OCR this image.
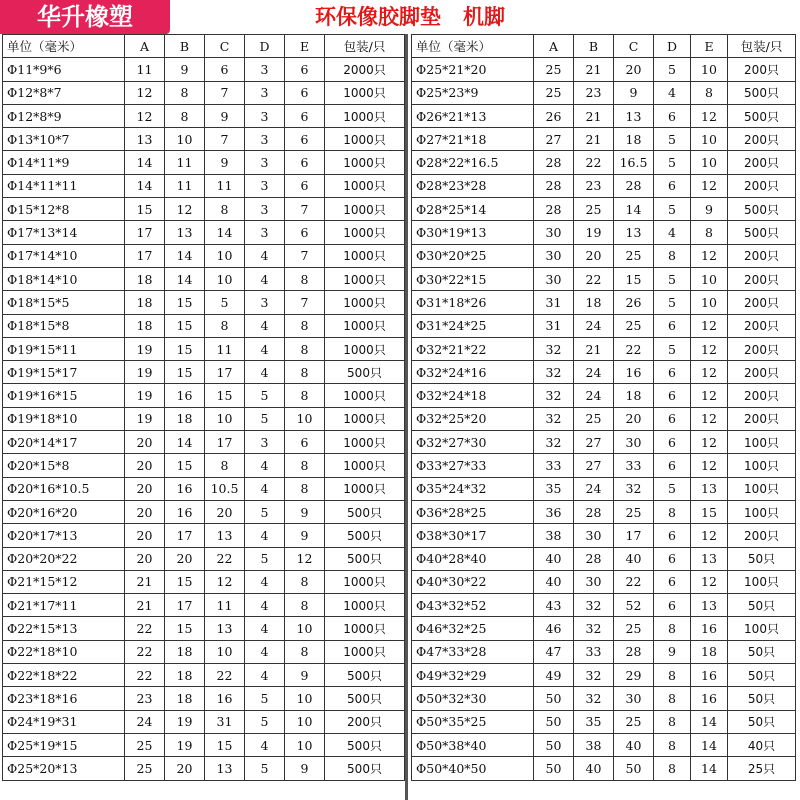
华升橡塑	环保像胶脚垫   机脚
单位（毫米）	A	B	C	D	E	包装/只
Φ11*9*6	11	9	6	3	6	2000只
Φ12*8*7	12	8	7	3	6	1000只
Φ12*8*9	12	8	9	3	6	1000只
Φ13*10*7	13	10	7	3	6	1000只
Φ14*11*9	14	11	9	3	6	1000只
Φ14*11*11	14	11	11	3	6	1000只
Φ15*12*8	15	12	8	3	7	1000只
Φ17*13*14	17	13	14	3	6	1000只
Φ17*14*10	17	14	10	4	7	1000只
Φ18*14*10	18	14	10	4	8	1000只
Φ18*15*5	18	15	5	3	7	1000只
Φ18*15*8	18	15	8	4	8	1000只
Φ19*15*11	19	15	11	4	8	1000只
Φ19*15*17	19	15	17	4	8	500只
Φ19*16*15	19	16	15	5	8	1000只
Φ19*18*10	19	18	10	5	10	1000只
Φ20*14*17	20	14	17	3	6	1000只
Φ20*15*8	20	15	8	4	8	1000只
Φ20*16*10.5	20	16	10.5	4	8	1000只
Φ20*16*20	20	16	20	5	9	500只
Φ20*17*13	20	17	13	4	9	500只
Φ20*20*22	20	20	22	5	12	500只
Φ21*15*12	21	15	12	4	8	1000只
Φ21*17*11	21	17	11	4	8	1000只
Φ22*15*13	22	15	13	4	10	1000只
Φ22*18*10	22	18	10	4	8	1000只
Φ22*18*22	22	18	22	4	9	500只
Φ23*18*16	23	18	16	5	10	500只
Φ24*19*31	24	19	31	5	10	200只
Φ25*19*15	25	19	15	4	10	500只
Φ25*20*13	25	20	13	5	9	500只
单位（毫米）	A	B	C	D	E	包装/只
Φ25*21*20	25	21	20	5	10	200只
Φ25*23*9	25	23	9	4	8	500只
Φ26*21*13	26	21	13	6	12	500只
Φ27*21*18	27	21	18	5	10	200只
Φ28*22*16.5	28	22	16.5	5	10	200只
Φ28*23*28	28	23	28	6	12	200只
Φ28*25*14	28	25	14	5	9	500只
Φ30*19*13	30	19	13	4	8	500只
Φ30*20*25	30	20	25	8	12	200只
Φ30*22*15	30	22	15	5	10	200只
Φ31*18*26	31	18	26	5	10	200只
Φ31*24*25	31	24	25	6	12	200只
Φ32*21*22	32	21	22	5	12	200只
Φ32*24*16	32	24	16	6	12	200只
Φ32*24*18	32	24	18	6	12	200只
Φ32*25*20	32	25	20	6	12	200只
Φ32*27*30	32	27	30	6	12	100只
Φ33*27*33	33	27	33	6	12	100只
Φ35*24*32	35	24	32	5	13	100只
Φ36*28*25	36	28	25	8	15	100只
Φ38*30*17	38	30	17	6	12	200只
Φ40*28*40	40	28	40	6	13	50只
Φ40*30*22	40	30	22	6	12	100只
Φ43*32*52	43	32	52	6	13	50只
Φ46*32*25	46	32	25	8	16	100只
Φ47*33*28	47	33	28	9	18	50只
Φ49*32*29	49	32	29	8	16	50只
Φ50*32*30	50	32	30	8	16	50只
Φ50*35*25	50	35	25	8	14	50只
Φ50*38*40	50	38	40	8	14	40只
Φ50*40*50	50	40	50	8	14	25只
